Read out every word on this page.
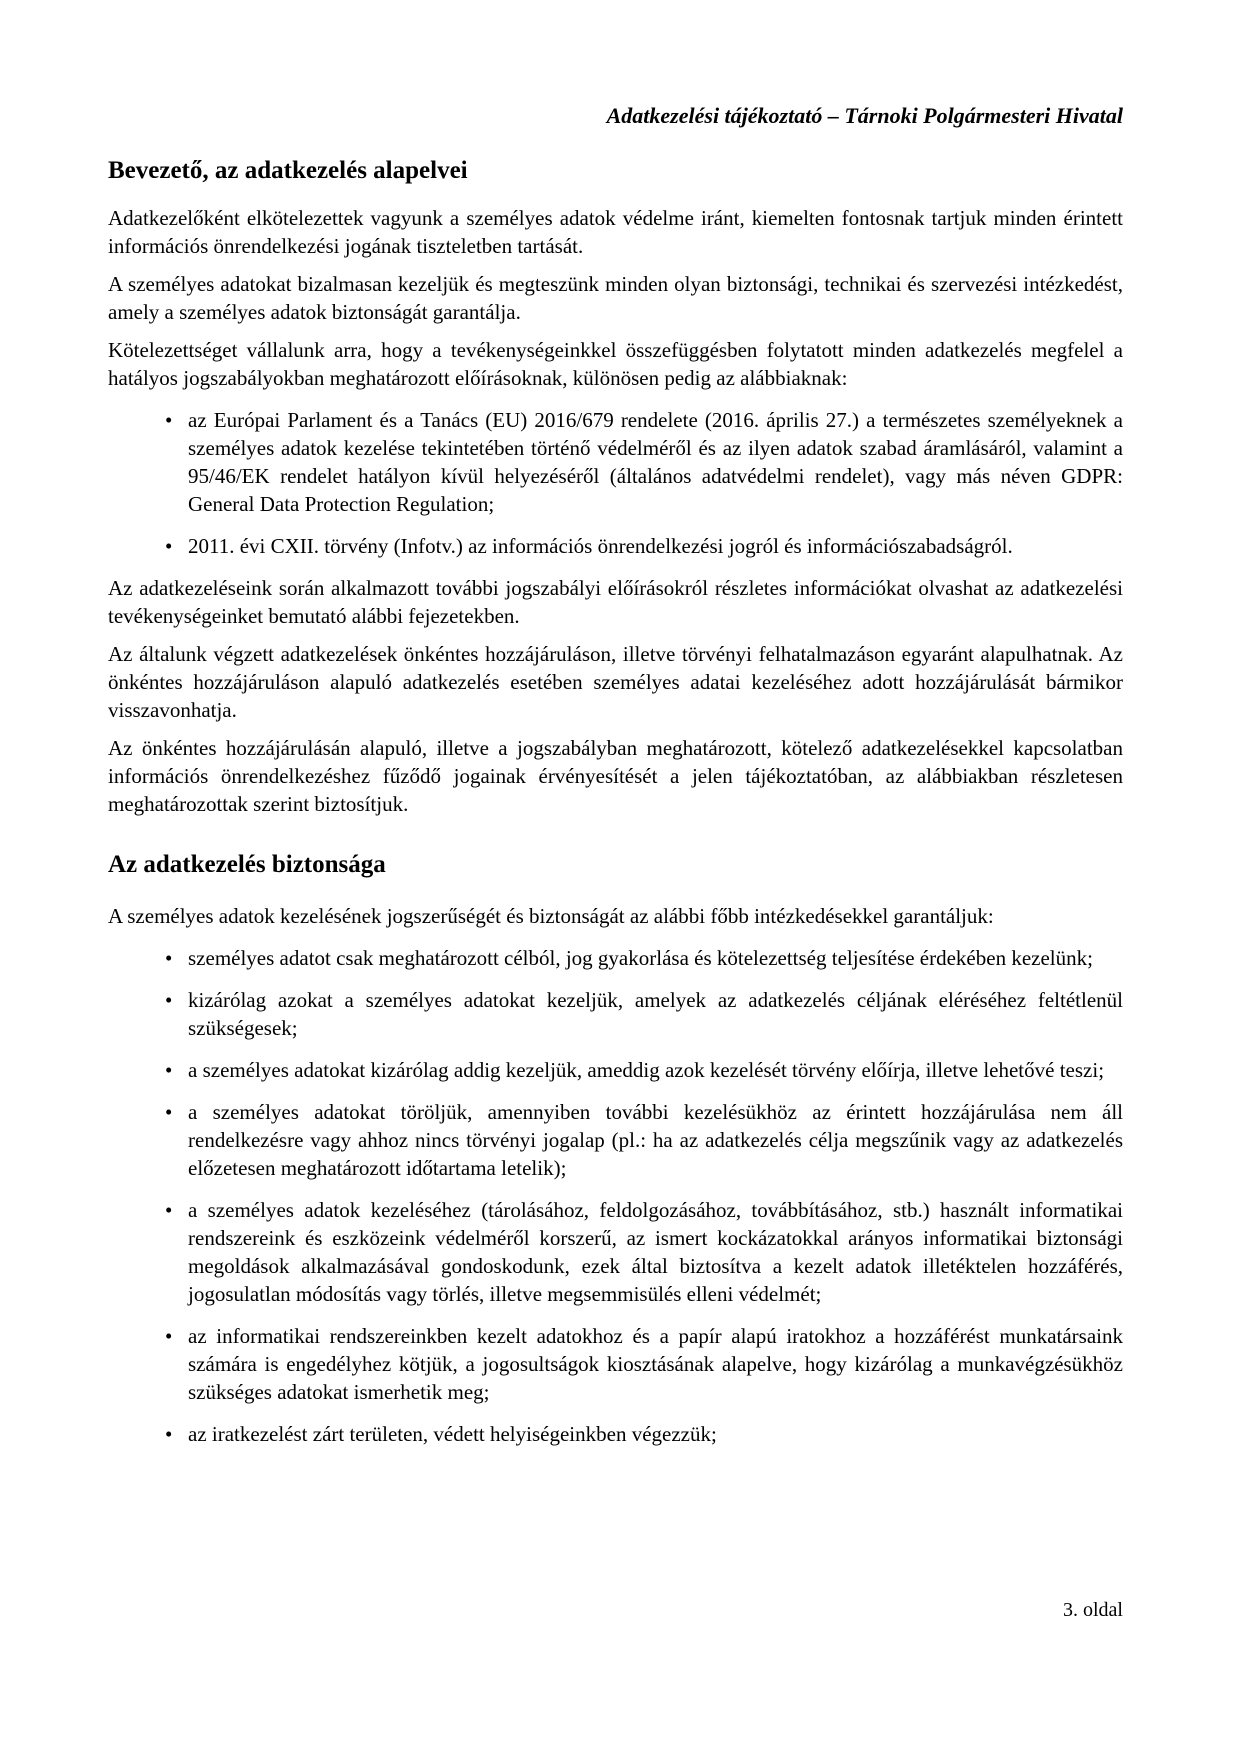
Adatkezelési tájékoztató – Tárnoki Polgármesteri Hivatal
Bevezető, az adatkezelés alapelvei

Adatkezelőként elkötelezettek vagyunk a személyes adatok védelme iránt, kiemelten fontosnak tartjuk minden érintett információs önrendelkezési jogának tiszteletben tartását.

A személyes adatokat bizalmasan kezeljük és megteszünk minden olyan biztonsági, technikai és szervezési intézkedést, amely a személyes adatok biztonságát garantálja.

Kötelezettséget vállalunk arra, hogy a tevékenységeinkkel összefüggésben folytatott minden adatkezelés megfelel a hatályos jogszabályokban meghatározott előírásoknak, különösen pedig az alábbiaknak:

• az Európai Parlament és a Tanács (EU) 2016/679 rendelete (2016. április 27.) a természetes személyeknek a személyes adatok kezelése tekintetében történő védelméről és az ilyen adatok szabad áramlásáról, valamint a 95/46/EK rendelet hatályon kívül helyezéséről (általános adatvédelmi rendelet), vagy más néven GDPR: General Data Protection Regulation;
• 2011. évi CXII. törvény (Infotv.) az információs önrendelkezési jogról és információszabadságról.

Az adatkezeléseink során alkalmazott további jogszabályi előírásokról részletes információkat olvashat az adatkezelési tevékenységeinket bemutató alábbi fejezetekben.

Az általunk végzett adatkezelések önkéntes hozzájáruláson, illetve törvényi felhatalmazáson egyaránt alapulhatnak. Az önkéntes hozzájáruláson alapuló adatkezelés esetében személyes adatai kezeléséhez adott hozzájárulását bármikor visszavonhatja.

Az önkéntes hozzájárulásán alapuló, illetve a jogszabályban meghatározott, kötelező adatkezelésekkel kapcsolatban információs önrendelkezéshez fűződő jogainak érvényesítését a jelen tájékoztatóban, az alábbiakban részletesen meghatározottak szerint biztosítjuk.

Az adatkezelés biztonsága

A személyes adatok kezelésének jogszerűségét és biztonságát az alábbi főbb intézkedésekkel garantáljuk:

• személyes adatot csak meghatározott célból, jog gyakorlása és kötelezettség teljesítése érdekében kezelünk;
• kizárólag azokat a személyes adatokat kezeljük, amelyek az adatkezelés céljának eléréséhez feltétlenül szükségesek;
• a személyes adatokat kizárólag addig kezeljük, ameddig azok kezelését törvény előírja, illetve lehetővé teszi;
• a személyes adatokat töröljük, amennyiben további kezelésükhöz az érintett hozzájárulása nem áll rendelkezésre vagy ahhoz nincs törvényi jogalap (pl.: ha az adatkezelés célja megszűnik vagy az adatkezelés előzetesen meghatározott időtartama letelik);
• a személyes adatok kezeléséhez (tárolásához, feldolgozásához, továbbításához, stb.) használt informatikai rendszereink és eszközeink védelméről korszerű, az ismert kockázatokkal arányos informatikai biztonsági megoldások alkalmazásával gondoskodunk, ezek által biztosítva a kezelt adatok illetéktelen hozzáférés, jogosulatlan módosítás vagy törlés, illetve megsemmisülés elleni védelmét;
• az informatikai rendszereinkben kezelt adatokhoz és a papír alapú iratokhoz a hozzáférést munkatársaink számára is engedélyhez kötjük, a jogosultságok kiosztásának alapelve, hogy kizárólag a munkavégzésükhöz szükséges adatokat ismerhetik meg;
• az iratkezelést zárt területen, védett helyiségeinkben végezzük;
3. oldal
